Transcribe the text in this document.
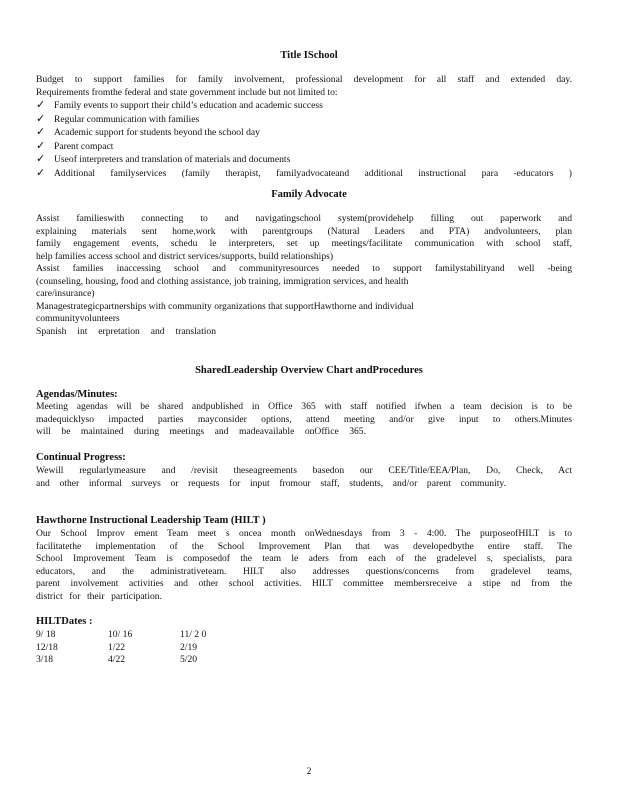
Title ISchool

Budget to support families for family involvement, professional development for all staff and extended day.

Requirements fromthe federal and state government include but not limited to:

✓ Family events to support their child’s education and academic success
✓ Regular communication with families
✓ Academic support for students beyond the school day
✓ Parent compact
✓ Useof interpreters and translation of materials and documents
✓ Additional familyservices (family therapist, familyadvocateand additional instructional para -educators )
Family Advocate

Assist familieswith connecting to and navigatingschool system(providehelp filling out paperwork and

explaining materials sent home,work with parentgroups (Natural Leaders and PTA) andvolunteers, plan

family engagement events, schedu le interpreters, set up meetings/facilitate communication with school staff,

help families access school and district services/supports, build relationships)

Assist families inaccessing school and communityresources needed to support familystabilityand well -being

(counseling, housing, food and clothing assistance, job training, immigration services, and health

care/insurance)

Managestrategicpartnerships with community organizations that supportHawthorne and individual

communityvolunteers

Spanish int erpretation and translation

SharedLeadership Overview Chart andProcedures
Agendas/Minutes:

Meeting agendas will be shared andpublished in Office 365 with staff notified ifwhen a team decision is to be

madequicklyso impacted parties mayconsider options, attend meeting and/or give input to others.Minutes

will be maintained during meetings and madeavailable onOffice 365.

Continual Progress:

Wewill regularlymeasure and /revisit theseagreements basedon our CEE/Title/EEA/Plan, Do, Check, Act

and other informal surveys or requests for input fromour staff, students, and/or parent community.

Hawthorne Instructional Leadership Team (HILT )

Our School Improv ement Team meet s oncea month onWednesdays from 3 - 4:00. The purposeofHILT is to

facilitatethe implementation of the School Improvement Plan that was developedbythe entire staff. The

School Improvement Team is composedof the team le aders from each of the gradelevel s, specialists, para

educators, and the administrativeteam. HILT also addresses questions/concerns from gradelevel teams,

parent involvement activities and other school activities. HILT committee membersreceive a stipe nd from the

district for their participation.

HILTDates :
9/ 18	10/ 16	11/ 2 0
12/18	1/22	2/19
3/18	4/22	5/20
2
